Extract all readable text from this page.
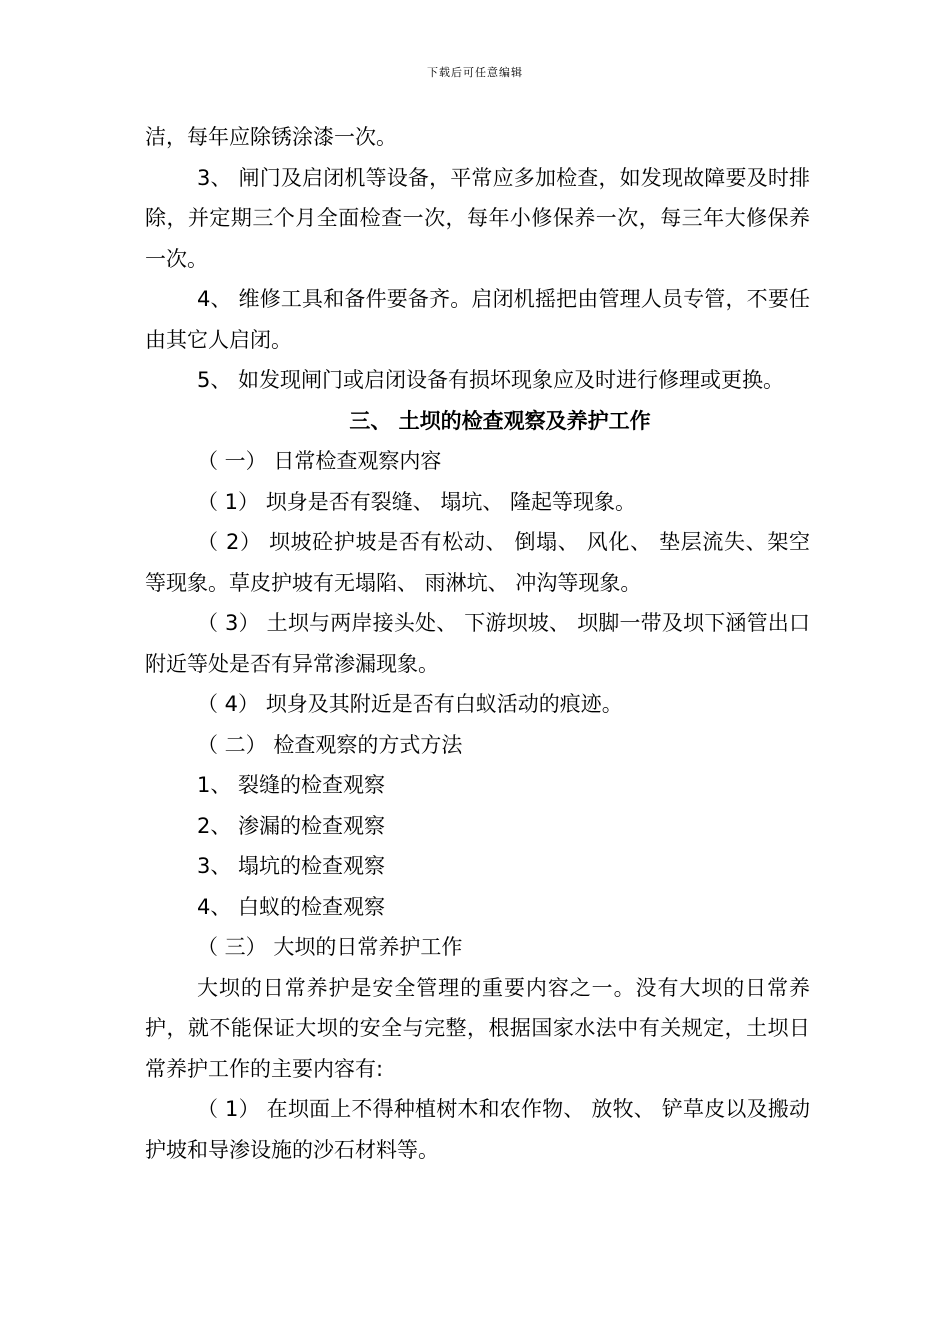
下载后可任意编辑

洁，每年应除锈涂漆一次。

3、 闸门及启闭机等设备，平常应多加检查，如发现故障要及时排除，并定期三个月全面检查一次，每年小修保养一次，每三年大修保养一次。

4、 维修工具和备件要备齐。启闭机摇把由管理人员专管，不要任由其它人启闭。

5、 如发现闸门或启闭设备有损坏现象应及时进行修理或更换。

三、 土坝的检查观察及养护工作

（ 一） 日常检查观察内容

（ 1） 坝身是否有裂缝、 塌坑、 隆起等现象。

（ 2） 坝坡砼护坡是否有松动、 倒塌、 风化、 垫层流失、架空等现象。草皮护坡有无塌陷、 雨淋坑、 冲沟等现象。

（ 3） 土坝与两岸接头处、 下游坝坡、 坝脚一带及坝下涵管出口附近等处是否有异常渗漏现象。

（ 4） 坝身及其附近是否有白蚁活动的痕迹。

（ 二） 检查观察的方式方法

1、 裂缝的检查观察

2、 渗漏的检查观察

3、 塌坑的检查观察

4、 白蚁的检查观察

（ 三） 大坝的日常养护工作

大坝的日常养护是安全管理的重要内容之一。没有大坝的日常养护，就不能保证大坝的安全与完整，根据国家水法中有关规定，土坝日常养护工作的主要内容有:

（ 1） 在坝面上不得种植树木和农作物、 放牧、 铲草皮以及搬动护坡和导渗设施的沙石材料等。
